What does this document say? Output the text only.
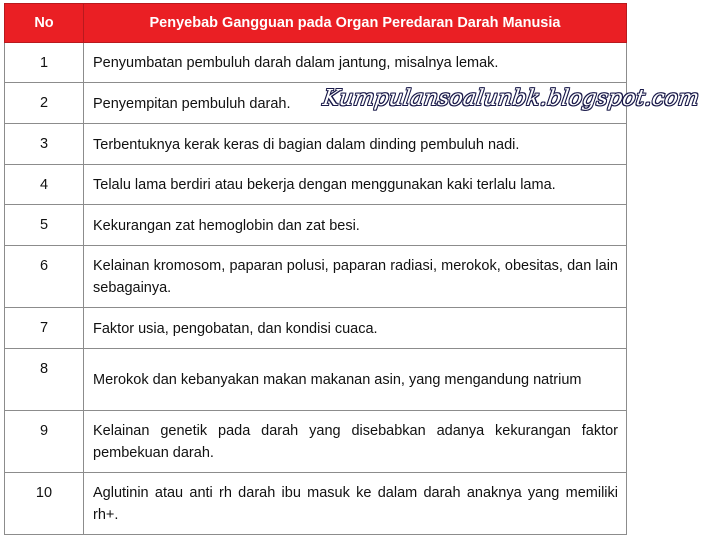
No	Penyebab Gangguan pada Organ Peredaran Darah Manusia
1	Penyumbatan pembuluh darah dalam jantung, misalnya lemak.
2	Penyempitan pembuluh darah.
3	Terbentuknya kerak keras di bagian dalam dinding pembuluh nadi.
4	Telalu lama berdiri atau bekerja dengan menggunakan kaki terlalu lama.
5	Kekurangan zat hemoglobin dan zat besi.
6	Kelainan kromosom, paparan polusi, paparan radiasi, merokok, obesitas, dan lain sebagainya.
7	Faktor usia, pengobatan, dan kondisi cuaca.
8	Merokok dan kebanyakan makan makanan asin, yang mengandung natrium
9	Kelainan genetik pada darah yang disebabkan adanya kekurangan faktor pembekuan darah.
10	Aglutinin atau anti rh darah ibu masuk ke dalam darah anaknya yang memiliki rh+.
Kumpulansoalunbk.blogspot.com
